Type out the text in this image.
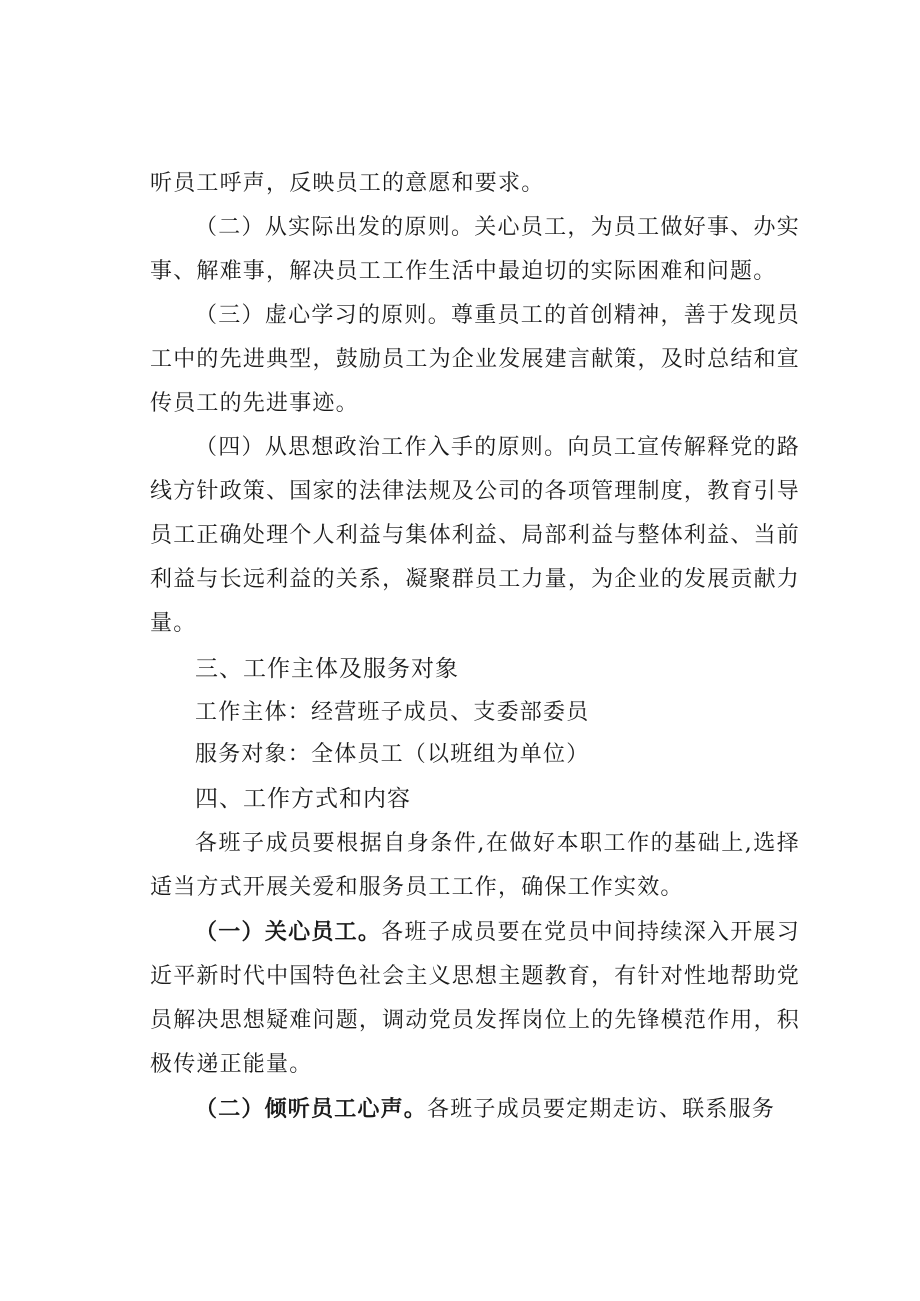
听员工呼声，反映员工的意愿和要求。

（二）从实际出发的原则。关心员工，为员工做好事、办实事、解难事，解决员工工作生活中最迫切的实际困难和问题。

（三）虚心学习的原则。尊重员工的首创精神，善于发现员工中的先进典型，鼓励员工为企业发展建言献策，及时总结和宣传员工的先进事迹。

（四）从思想政治工作入手的原则。向员工宣传解释党的路线方针政策、国家的法律法规及公司的各项管理制度，教育引导员工正确处理个人利益与集体利益、局部利益与整体利益、当前利益与长远利益的关系，凝聚群员工力量，为企业的发展贡献力量。

三、工作主体及服务对象

工作主体：经营班子成员、支委部委员

服务对象：全体员工（以班组为单位）

四、工作方式和内容

各班子成员要根据自身条件,在做好本职工作的基础上,选择适当方式开展关爱和服务员工工作，确保工作实效。

（一）关心员工。各班子成员要在党员中间持续深入开展习近平新时代中国特色社会主义思想主题教育，有针对性地帮助党员解决思想疑难问题，调动党员发挥岗位上的先锋模范作用，积极传递正能量。

（二）倾听员工心声。各班子成员要定期走访、联系服务
